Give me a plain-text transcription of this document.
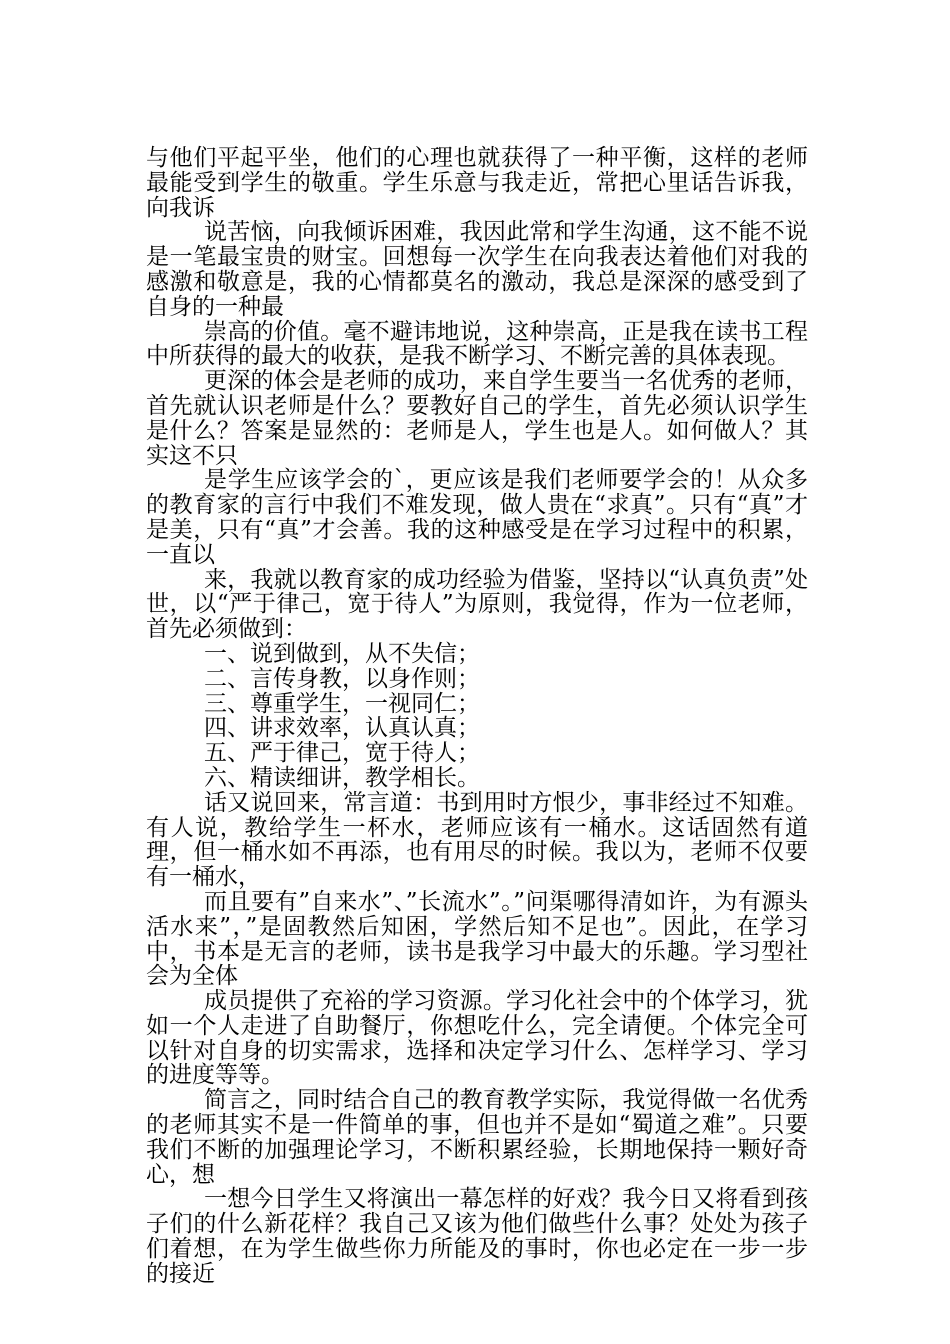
与他们平起平坐，他们的心理也就获得了一种平衡，这样的老师最能受到学生的敬重。学生乐意与我走近，常把心里话告诉我，向我诉

说苦恼，向我倾诉困难，我因此常和学生沟通，这不能不说是一笔最宝贵的财宝。回想每一次学生在向我表达着他们对我的感激和敬意是，我的心情都莫名的激动，我总是深深的感受到了自身的一种最

崇高的价值。毫不避讳地说，这种崇高，正是我在读书工程中所获得的最大的收获，是我不断学习、不断完善的具体表现。

更深的体会是老师的成功，来自学生要当一名优秀的老师，首先就认识老师是什么？要教好自己的学生，首先必须认识学生是什么？答案是显然的：老师是人，学生也是人。如何做人？其实这不只

是学生应该学会的`，更应该是我们老师要学会的！从众多的教育家的言行中我们不难发现，做人贵在“求真”。只有“真”才是美，只有“真”才会善。我的这种感受是在学习过程中的积累，一直以

来，我就以教育家的成功经验为借鉴，坚持以“认真负责”处世，以“严于律己，宽于待人”为原则，我觉得，作为一位老师，首先必须做到：

一、说到做到，从不失信；

二、言传身教，以身作则；

三、尊重学生，一视同仁；

四、讲求效率，认真认真；

五、严于律己，宽于待人；

六、精读细讲，教学相长。

话又说回来，常言道：书到用时方恨少，事非经过不知难。有人说，教给学生一杯水，老师应该有一桶水。这话固然有道理，但一桶水如不再添，也有用尽的时候。我以为，老师不仅要有一桶水，

而且要有”自来水”、”长流水”。”问渠哪得清如许，为有源头活水来”，”是固教然后知困，学然后知不足也”。因此，在学习中，书本是无言的老师，读书是我学习中最大的乐趣。学习型社会为全体

成员提供了充裕的学习资源。学习化社会中的个体学习，犹如一个人走进了自助餐厅，你想吃什么，完全请便。个体完全可以针对自身的切实需求，选择和决定学习什么、怎样学习、学习的进度等等。

简言之，同时结合自己的教育教学实际，我觉得做一名优秀的老师其实不是一件简单的事，但也并不是如“蜀道之难”。只要我们不断的加强理论学习，不断积累经验，长期地保持一颗好奇心，想

一想今日学生又将演出一幕怎样的好戏？我今日又将看到孩子们的什么新花样？我自己又该为他们做些什么事？处处为孩子们着想，在为学生做些你力所能及的事时，你也必定在一步一步的接近
